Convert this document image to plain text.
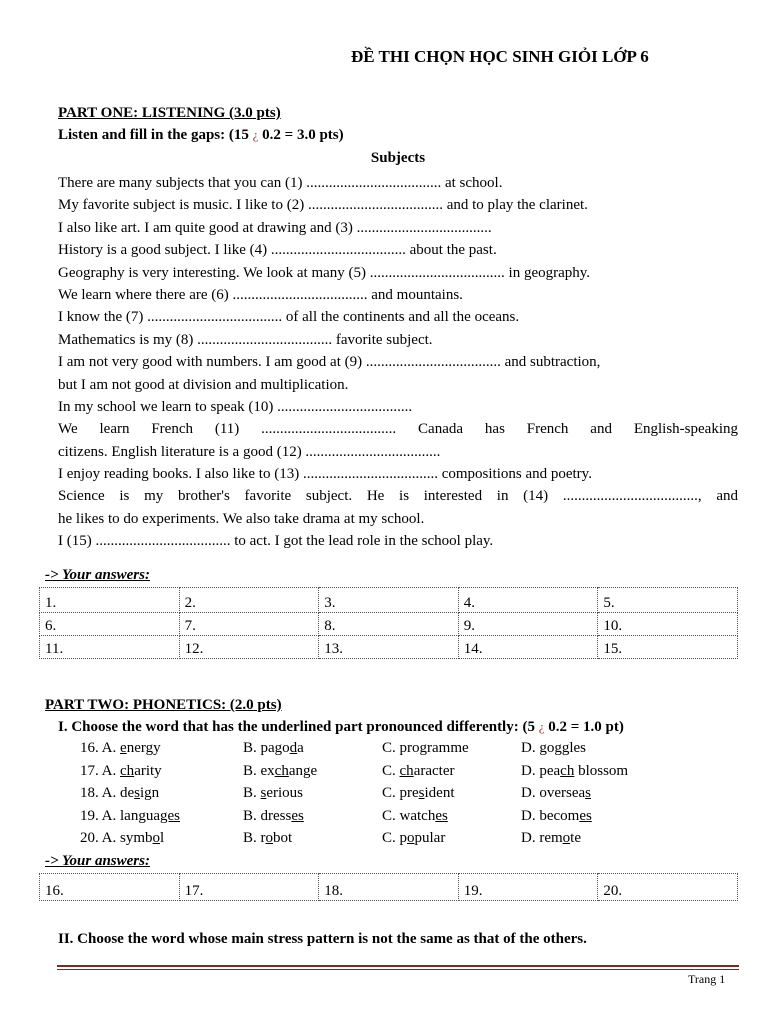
ĐỀ THI CHỌN HỌC SINH GIỎI LỚP 6
PART ONE: LISTENING (3.0 pts)
Listen and fill in the gaps: (15 ¿ 0.2 = 3.0 pts)
Subjects
There are many subjects that you can (1) .................................... at school.
My favorite subject is music. I like to (2) .................................... and to play the clarinet.
I also like art. I am quite good at drawing and (3) ....................................
History is a good subject. I like (4) .................................... about the past.
Geography is very interesting. We look at many (5) .................................... in geography.
We learn where there are (6) .................................... and mountains.
I know the (7) .................................... of all the continents and all the oceans.
Mathematics is my (8) .................................... favorite subject.
I am not very good with numbers. I am good at (9) .................................... and subtraction,
but I am not good at division and multiplication.
In my school we learn to speak (10) ....................................
We learn French (11) .................................... Canada has French and English-speaking
citizens. English literature is a good (12) ....................................
I enjoy reading books. I also like to (13) .................................... compositions and poetry.
Science is my brother's favorite subject. He is interested in (14) ...................................., and
he likes to do experiments. We also take drama at my school.
I (15) .................................... to act. I got the lead role in the school play.
-> Your answers:
1.	2.	3.	4.	5.
6.	7.	8.	9.	10.
11.	12.	13.	14.	15.
PART TWO: PHONETICS: (2.0 pts)
I. Choose the word that has the underlined part pronounced differently: (5 ¿ 0.2 = 1.0 pt)
16. A. energy	B. pagoda	C. programme	D. goggles
17. A. charity	B. exchange	C. character	D. peach blossom
18. A. design	B. serious	C. president	D. overseas
19. A. languages	B. dresses	C. watches	D. becomes
20. A. symbol	B. robot	C. popular	D. remote
-> Your answers:
16.	17.	18.	19.	20.
II. Choose the word whose main stress pattern is not the same as that of the others.
Trang 1
